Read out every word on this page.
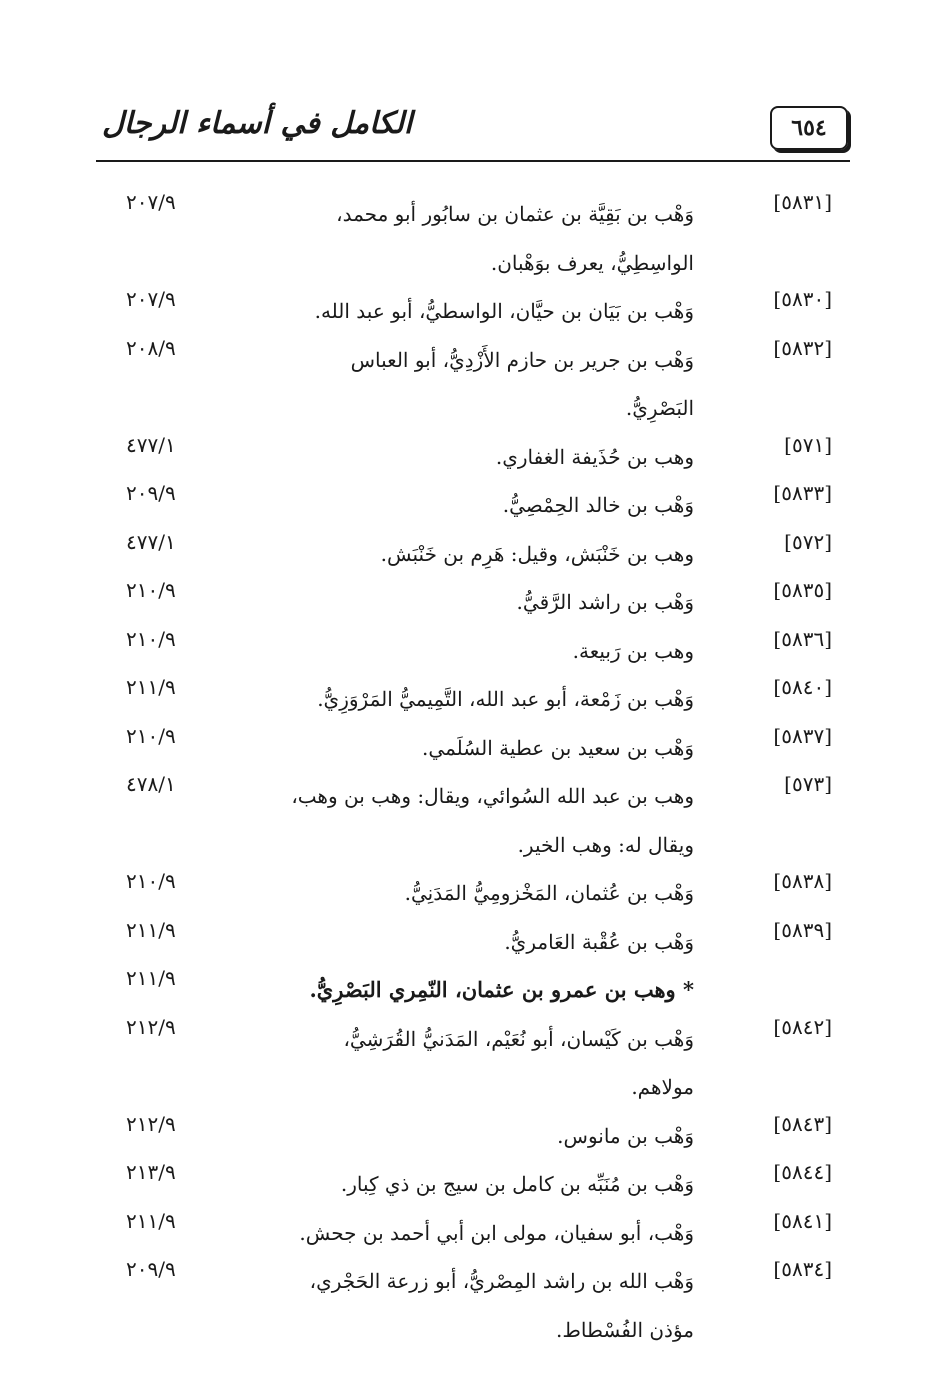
الكامل في أسماء الرجال	٦٥٤
[٥٨٣١]
وَهْب بن بَقِيَّة بن عثمان بن سابُور أبو محمد، الواسِطِيُّ، يعرف بوَهْبان.
٢٠٧/٩
[٥٨٣٠]
وَهْب بن بَيَان بن حيَّان، الواسطيُّ، أبو عبد الله.
٢٠٧/٩
[٥٨٣٢]
وَهْب بن جرير بن حازم الأَزْدِيُّ، أبو العباس البَصْرِيُّ.
٢٠٨/٩
[٥٧١]
وهب بن حُذَيفة الغفاري.
٤٧٧/١
[٥٨٣٣]
وَهْب بن خالد الحِمْصِيُّ.
٢٠٩/٩
[٥٧٢]
وهب بن خَنْبَش، وقيل: هَرِم بن خَنْبَش.
٤٧٧/١
[٥٨٣٥]
وَهْب بن راشد الرَّقيُّ.
٢١٠/٩
[٥٨٣٦]
وهب بن رَبيعة.
٢١٠/٩
[٥٨٤٠]
وَهْب بن زَمْعة، أبو عبد الله، التَّمِيميُّ المَرْوَزِيُّ.
٢١١/٩
[٥٨٣٧]
وَهْب بن سعيد بن عطية السُلَمي.
٢١٠/٩
[٥٧٣]
وهب بن عبد الله السُوائي، ويقال: وهب بن وهب، ويقال له: وهب الخير.
٤٧٨/١
[٥٨٣٨]
وَهْب بن عُثمان، المَخْزومِيُّ المَدَنِيُّ.
٢١٠/٩
[٥٨٣٩]
وَهْب بن عُقْبة العَامريُّ.
٢١١/٩
* وهب بن عمرو بن عثمان، النّمِري البَصْرِيُّ.
٢١١/٩
[٥٨٤٢]
وَهْب بن كَيْسان، أبو نُعَيْم، المَدَنيُّ القُرَشِيُّ، مولاهم.
٢١٢/٩
[٥٨٤٣]
وَهْب بن مانوس.
٢١٢/٩
[٥٨٤٤]
وَهْب بن مُنَبِّه بن كامل بن سيج بن ذي كِبار.
٢١٣/٩
[٥٨٤١]
وَهْب، أبو سفيان، مولى ابن أبي أحمد بن جحش.
٢١١/٩
[٥٨٣٤]
وَهْب الله بن راشد المِصْريُّ، أبو زرعة الحَجْري، مؤذن الفُسْطاط.
٢٠٩/٩
